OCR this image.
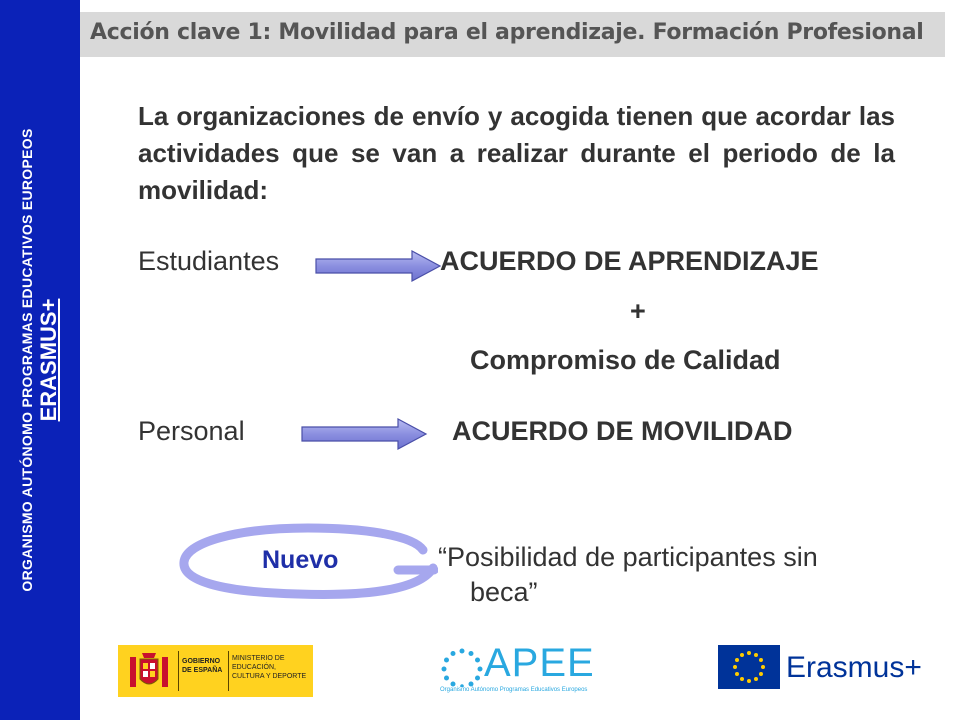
ORGANISMO AUTÓNOMO PROGRAMAS EDUCATIVOS EUROPEOS ERASMUS+
Acción clave 1: Movilidad para el aprendizaje. Formación Profesional
La organizaciones de envío y acogida tienen que acordar las actividades que se van a realizar durante el periodo de la movilidad:
Estudiantes	ACUERDO DE APRENDIZAJE
+
Compromiso de Calidad
Personal	ACUERDO DE MOVILIDAD
Nuevo	“Posibilidad de participantes sin
beca”
GOBIERNO DE ESPAÑA
MINISTERIO DE EDUCACIÓN, CULTURA Y DEPORTE	APEE
Organismo Autónomo Programas Educativos Europeos
Erasmus+
